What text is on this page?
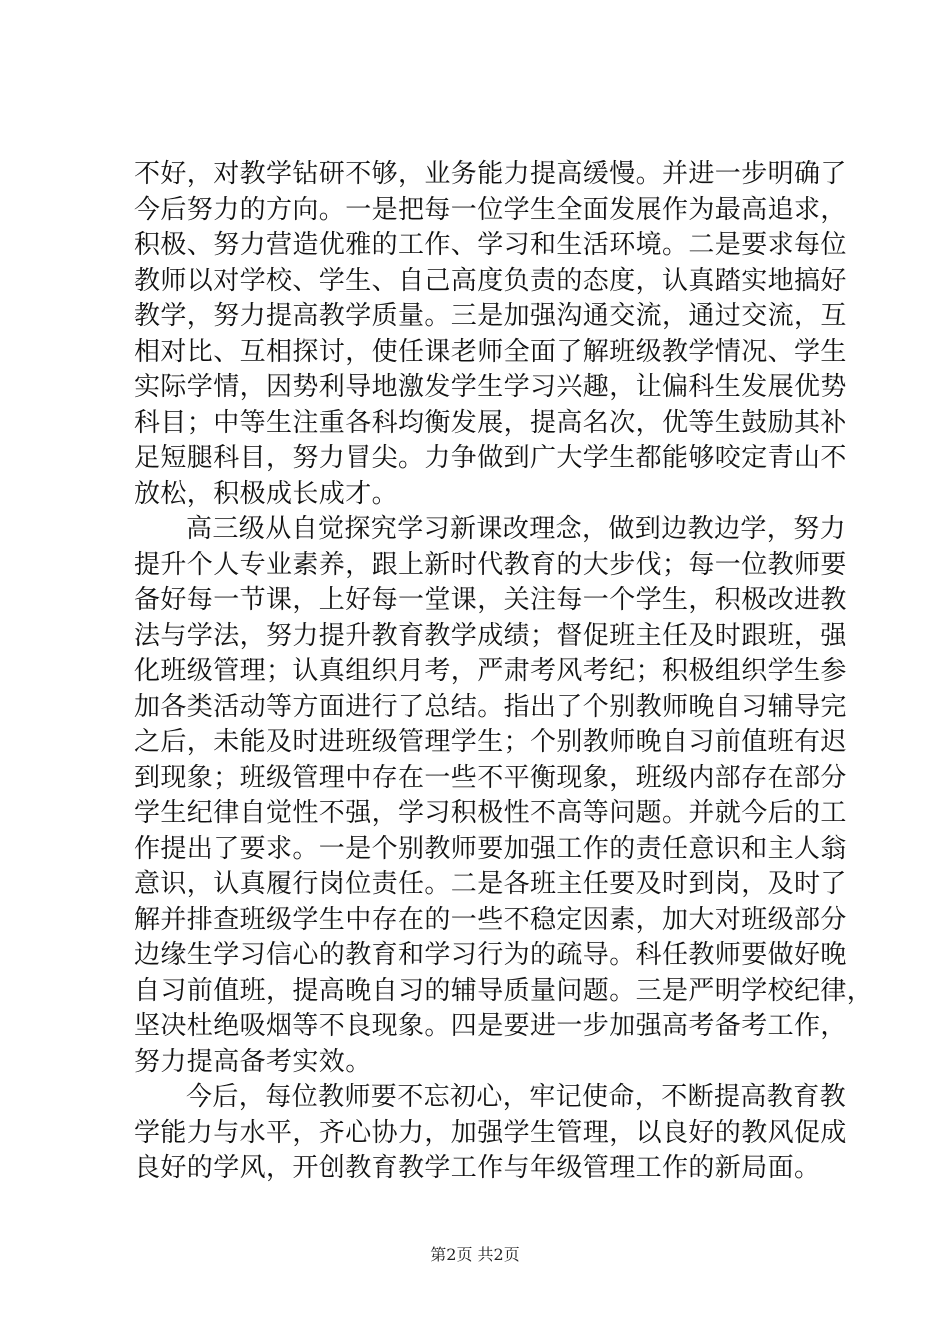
不好，对教学钻研不够，业务能力提高缓慢。并进一步明确了
今后努力的方向。一是把每一位学生全面发展作为最高追求，
积极、努力营造优雅的工作、学习和生活环境。二是要求每位
教师以对学校、学生、自己高度负责的态度，认真踏实地搞好
教学，努力提高教学质量。三是加强沟通交流，通过交流，互
相对比、互相探讨，使任课老师全面了解班级教学情况、学生
实际学情，因势利导地激发学生学习兴趣，让偏科生发展优势
科目；中等生注重各科均衡发展，提高名次，优等生鼓励其补
足短腿科目，努力冒尖。力争做到广大学生都能够咬定青山不
放松，积极成长成才。
高三级从自觉探究学习新课改理念，做到边教边学，努力
提升个人专业素养，跟上新时代教育的大步伐；每一位教师要
备好每一节课，上好每一堂课，关注每一个学生，积极改进教
法与学法，努力提升教育教学成绩；督促班主任及时跟班，强
化班级管理；认真组织月考，严肃考风考纪；积极组织学生参
加各类活动等方面进行了总结。指出了个别教师晚自习辅导完
之后，未能及时进班级管理学生；个别教师晚自习前值班有迟
到现象；班级管理中存在一些不平衡现象，班级内部存在部分
学生纪律自觉性不强，学习积极性不高等问题。并就今后的工
作提出了要求。一是个别教师要加强工作的责任意识和主人翁
意识，认真履行岗位责任。二是各班主任要及时到岗，及时了
解并排查班级学生中存在的一些不稳定因素，加大对班级部分
边缘生学习信心的教育和学习行为的疏导。科任教师要做好晚
自习前值班，提高晚自习的辅导质量问题。三是严明学校纪律，
坚决杜绝吸烟等不良现象。四是要进一步加强高考备考工作，
努力提高备考实效。
今后，每位教师要不忘初心，牢记使命，不断提高教育教
学能力与水平，齐心协力，加强学生管理，以良好的教风促成
良好的学风，开创教育教学工作与年级管理工作的新局面。
第2页 共2页
